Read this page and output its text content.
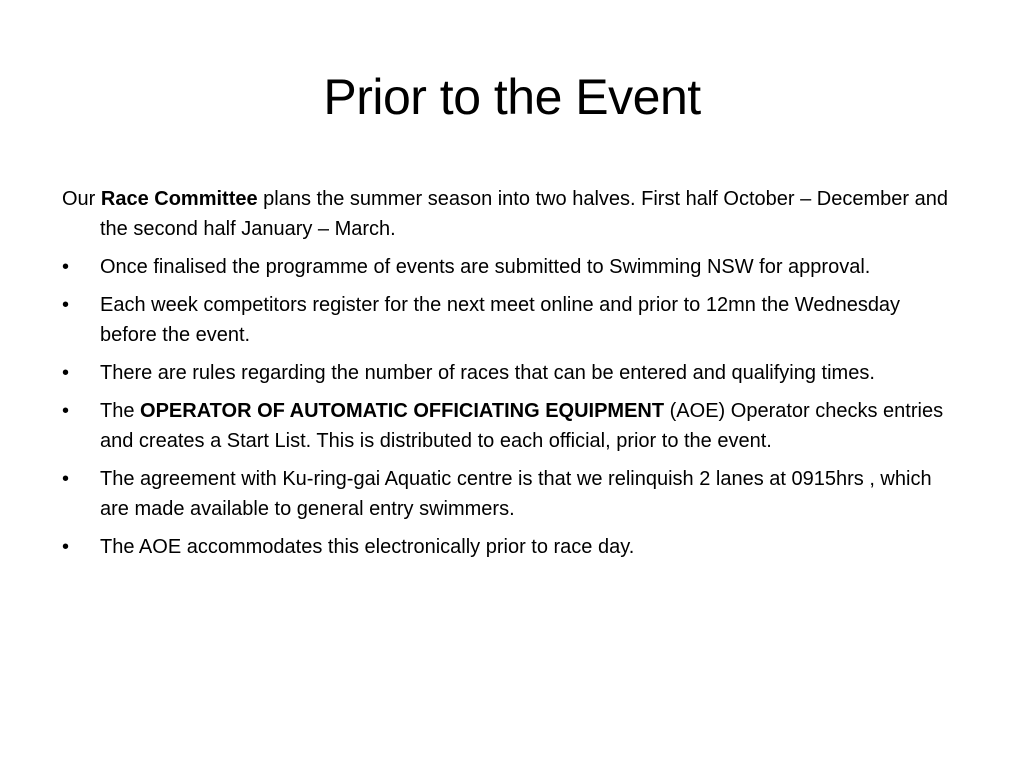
Prior to the Event

Our Race Committee plans the summer season into two halves. First half October – December and the second half January – March.

•	Once finalised the programme of events are submitted to Swimming NSW for approval.
•	Each week competitors register for the next meet online and prior to 12mn the Wednesday before the event.
•	There are rules regarding the number of races that can be entered and qualifying times.
•	The OPERATOR OF AUTOMATIC OFFICIATING EQUIPMENT (AOE) Operator checks entries and creates a Start List. This is distributed to each official, prior to the event.
•	The agreement with Ku-ring-gai Aquatic centre is that we relinquish 2 lanes at 0915hrs , which are made available to general entry swimmers.
•	The AOE accommodates this electronically prior to race day.
